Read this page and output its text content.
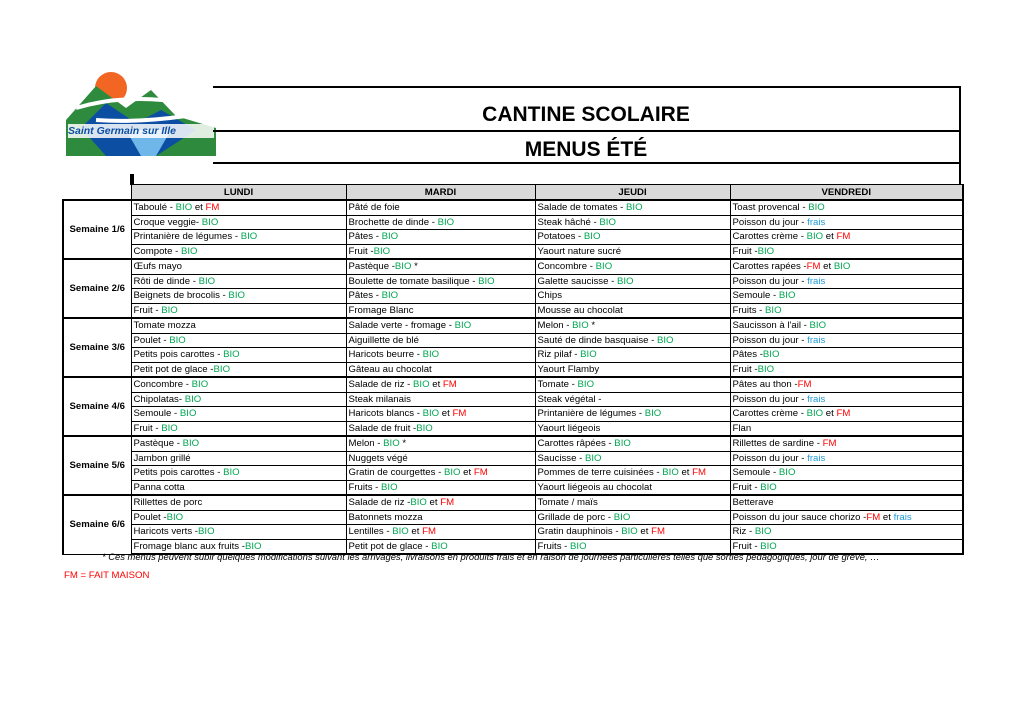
Saint Germain sur Ille
CANTINE SCOLAIRE
MENUS ÉTÉ
	LUNDI	MARDI	JEUDI	VENDREDI
Semaine 1/6	Taboulé - BIO et FM	Pâté de foie	Salade de tomates - BIO	Toast provencal - BIO
	Croque veggie- BIO	Brochette de dinde - BIO	Steak hâché - BIO	Poisson du jour - frais
	Printanière de légumes - BIO	Pâtes - BIO	Potatoes - BIO	Carottes crème - BIO et FM
	Compote - BIO	Fruit -BIO	Yaourt nature sucré	Fruit -BIO
Semaine 2/6	Œufs mayo	Pastèque -BIO *	Concombre - BIO	Carottes rapées -FM et BIO
	Rôti de dinde - BIO	Boulette de tomate basilique - BIO	Galette saucisse - BIO	Poisson du jour - frais
	Beignets de brocolis - BIO	Pâtes - BIO	Chips	Semoule - BIO
	Fruit - BIO	Fromage Blanc	Mousse au chocolat	Fruits - BIO
Semaine 3/6	Tomate mozza	Salade verte - fromage - BIO	Melon - BIO *	Saucisson à l'ail - BIO
	Poulet - BIO	Aiguillette de blé	Sauté de dinde basquaise - BIO	Poisson du jour - frais
	Petits pois carottes - BIO	Haricots beurre - BIO	Riz pilaf - BIO	Pâtes -BIO
	Petit pot de glace -BIO	Gâteau au chocolat	Yaourt Flamby	Fruit -BIO
Semaine 4/6	Concombre - BIO	Salade de riz - BIO et FM	Tomate - BIO	Pâtes au thon -FM
	Chipolatas- BIO	Steak milanais	Steak végétal -	Poisson du jour - frais
	Semoule - BIO	Haricots blancs - BIO et FM	Printanière de légumes - BIO	Carottes crème - BIO et FM
	Fruit - BIO	Salade de fruit -BIO	Yaourt liégeois	Flan
Semaine 5/6	Pastèque - BIO	Melon - BIO *	Carottes râpées - BIO	Rillettes de sardine - FM
	Jambon grillé	Nuggets végé	Saucisse - BIO	Poisson du jour - frais
	Petits pois carottes - BIO	Gratin de courgettes - BIO et FM	Pommes de terre cuisinées - BIO et FM	Semoule - BIO
	Panna cotta	Fruits - BIO	Yaourt liégeois au chocolat	Fruit - BIO
Semaine 6/6	Rillettes de porc	Salade de riz -BIO et FM	Tomate / maïs	Betterave
	Poulet -BIO	Batonnets mozza	Grillade de porc - BIO	Poisson du jour sauce chorizo -FM et frais
	Haricots verts -BIO	Lentilles - BIO et FM	Gratin dauphinois - BIO et FM	Riz - BIO
	Fromage blanc aux fruits -BIO	Petit pot de glace - BIO	Fruits - BIO	Fruit - BIO
* Ces menus peuvent subir quelques modifications suivant les arrivages, livraisons en produits frais et en raison de journées particulières telles que sorties pédagogiques, jour de grève, …
FM = FAIT MAISON
